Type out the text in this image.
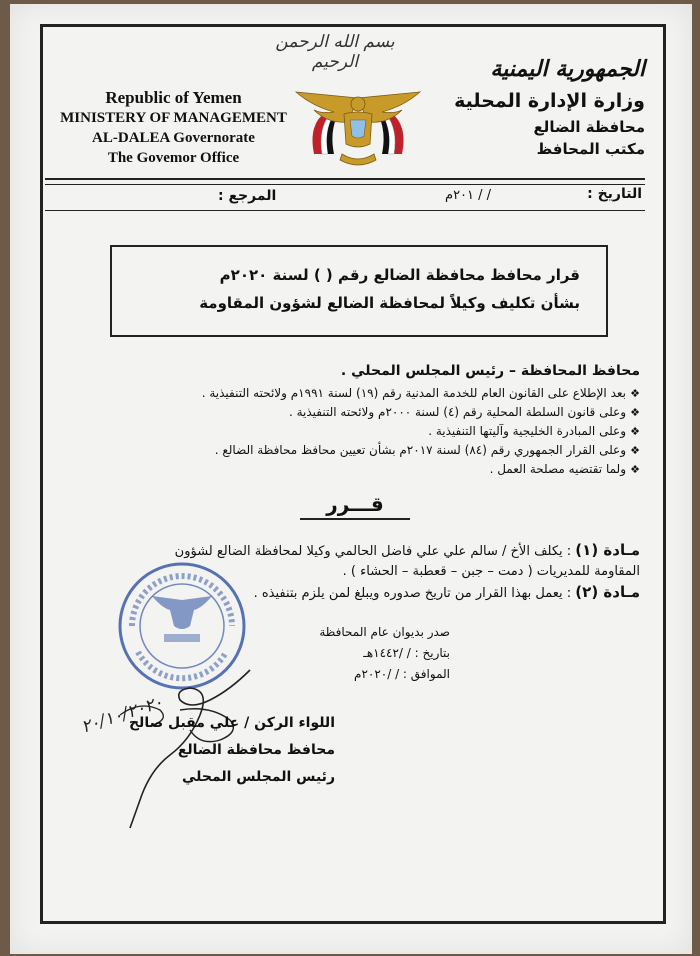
بسم الله الرحمن الرحيم
Republic of Yemen
MINISTERY OF MANAGEMENT
AL-DALEA Governorate
The Govemor Office
الجمهورية اليمنية
وزارة الإدارة المحلية
محافظة الضالع
مكتب المحافظ
التاريخ :
/ / ٢٠١م
المرجع :
قرار محافظ محافظة الضالع رقم ( ) لسنة ٢٠٢٠م
بشأن تكليف وكيلاً لمحافظة الضالع لشؤون المقاومة
محافظ المحافظة – رئيس المجلس المحلي .
❖بعد الإطلاع على القانون العام للخدمة المدنية رقم (١٩) لسنة ١٩٩١م ولائحته التنفيذية .
❖وعلى قانون السلطة المحلية رقم (٤) لسنة ٢٠٠٠م ولائحته التنفيذية .
❖وعلى المبادرة الخليجية وآليتها التنفيذية .
❖وعلى القرار الجمهوري رقم (٨٤) لسنة ٢٠١٧م بشأن تعيين محافظ محافظة الضالع .
❖ولما تقتضيه مصلحة العمل .
قـــرر
مـادة (١) : يكلف الأخ / سالم علي علي فاضل الحالمي وكيلا لمحافظة الضالع لشؤون
المقاومة للمديريات ( دمت – جبن – قعطبة – الحشاء ) .
مـادة (٢) : يعمل بهذا القرار من تاريخ صدوره ويبلغ لمن يلزم بتنفيذه .
صدر بديوان عام المحافظة
بتاريخ : / /١٤٤٢هـ
الموافق : / /٢٠٢٠م
٢٠/١٠/٢٠٢٠
اللواء الركن / علي مقبل صالح
محافظ محافظة الضالع
رئيس المجلس المحلي
